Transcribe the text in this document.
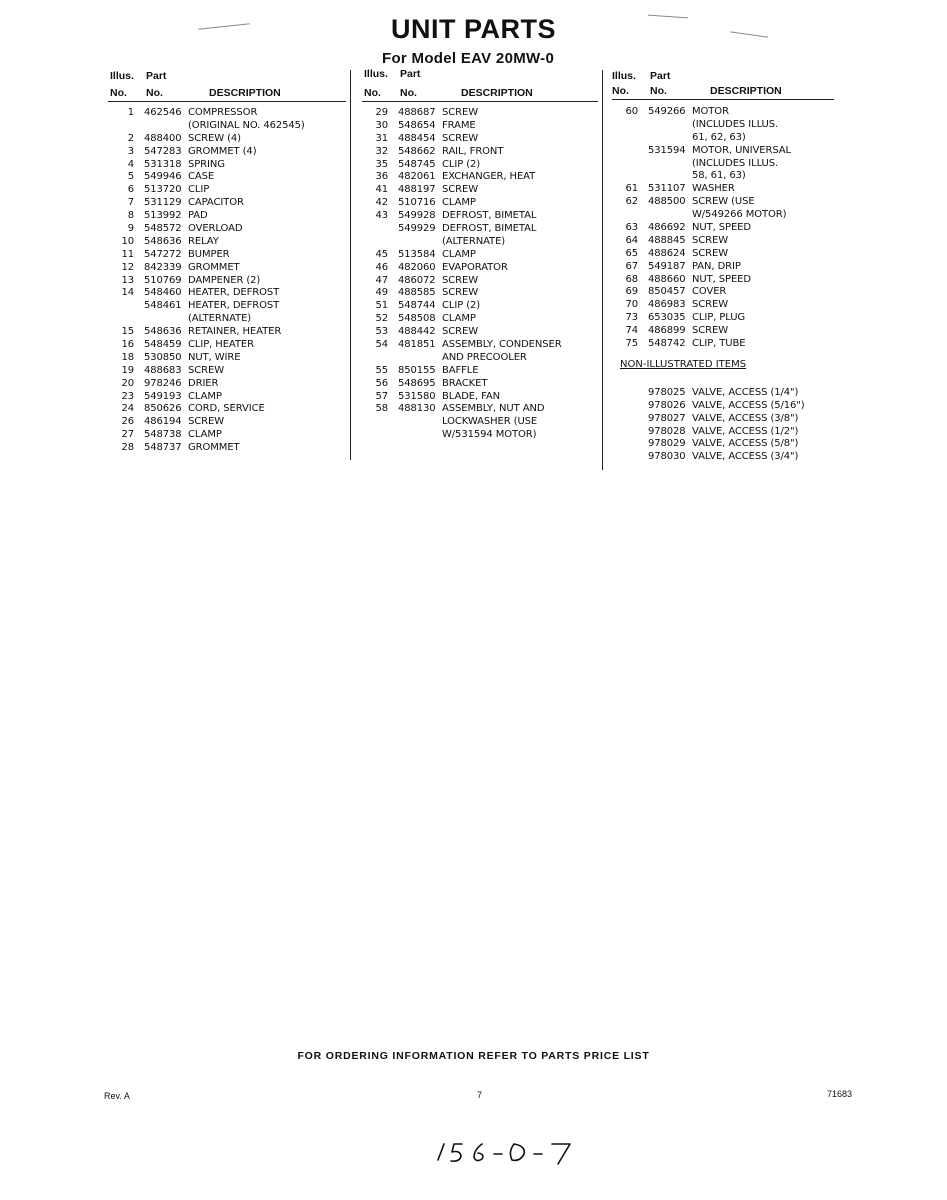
UNIT PARTS
For Model EAV 20MW-0
Illus. Part
No. No.	DESCRIPTION
1	462546 COMPRESSOR
(ORIGINAL NO. 462545)
2	488400 SCREW (4)
3	547283 GROMMET (4)
4	531318 SPRING
5	549946 CASE
6	513720 CLIP
7	531129 CAPACITOR
8	513992 PAD
9	548572 OVERLOAD
10	548636 RELAY
11	547272 BUMPER
12	842339 GROMMET
13	510769 DAMPENER (2)
14	548460 HEATER, DEFROST
548461 HEATER, DEFROST
(ALTERNATE)
15	548636 RETAINER, HEATER
16	548459 CLIP, HEATER
18	530850 NUT, WIRE
19	488683 SCREW
20	978246 DRIER
23	549193 CLAMP
24	850626 CORD, SERVICE
26	486194 SCREW
27	548738 CLAMP
28	548737 GROMMET
Illus. Part
No. No.	DESCRIPTION
29	488687 SCREW
30	548654 FRAME
31	488454 SCREW
32	548662 RAIL, FRONT
35	548745 CLIP (2)
36	482061 EXCHANGER, HEAT
41	488197 SCREW
42	510716 CLAMP
43	549928 DEFROST, BIMETAL
549929 DEFROST, BIMETAL
(ALTERNATE)
45	513584 CLAMP
46	482060 EVAPORATOR
47	486072 SCREW
49	488585 SCREW
51	548744 CLIP (2)
52	548508 CLAMP
53	488442 SCREW
54	481851 ASSEMBLY, CONDENSER
AND PRECOOLER
55	850155 BAFFLE
56	548695 BRACKET
57	531580 BLADE, FAN
58	488130 ASSEMBLY, NUT AND
LOCKWASHER (USE
W/531594 MOTOR)
Illus. Part
No. No.	DESCRIPTION
60	549266 MOTOR
(INCLUDES ILLUS.
61, 62, 63)
531594 MOTOR, UNIVERSAL
(INCLUDES ILLUS.
58, 61, 63)
61	531107 WASHER
62	488500 SCREW (USE
W/549266 MOTOR)
63	486692 NUT, SPEED
64	488845 SCREW
65	488624 SCREW
67	549187 PAN, DRIP
68	488660 NUT, SPEED
69	850457 COVER
70	486983 SCREW
73	653035 CLIP, PLUG
74	486899 SCREW
75	548742 CLIP, TUBE
NON-ILLUSTRATED ITEMS
978025 VALVE, ACCESS (1/4")
978026 VALVE, ACCESS (5/16")
978027 VALVE, ACCESS (3/8")
978028 VALVE, ACCESS (1/2")
978029 VALVE, ACCESS (5/8")
978030 VALVE, ACCESS (3/4")
FOR ORDERING INFORMATION REFER TO PARTS PRICE LIST
Rev. A	7	71683
